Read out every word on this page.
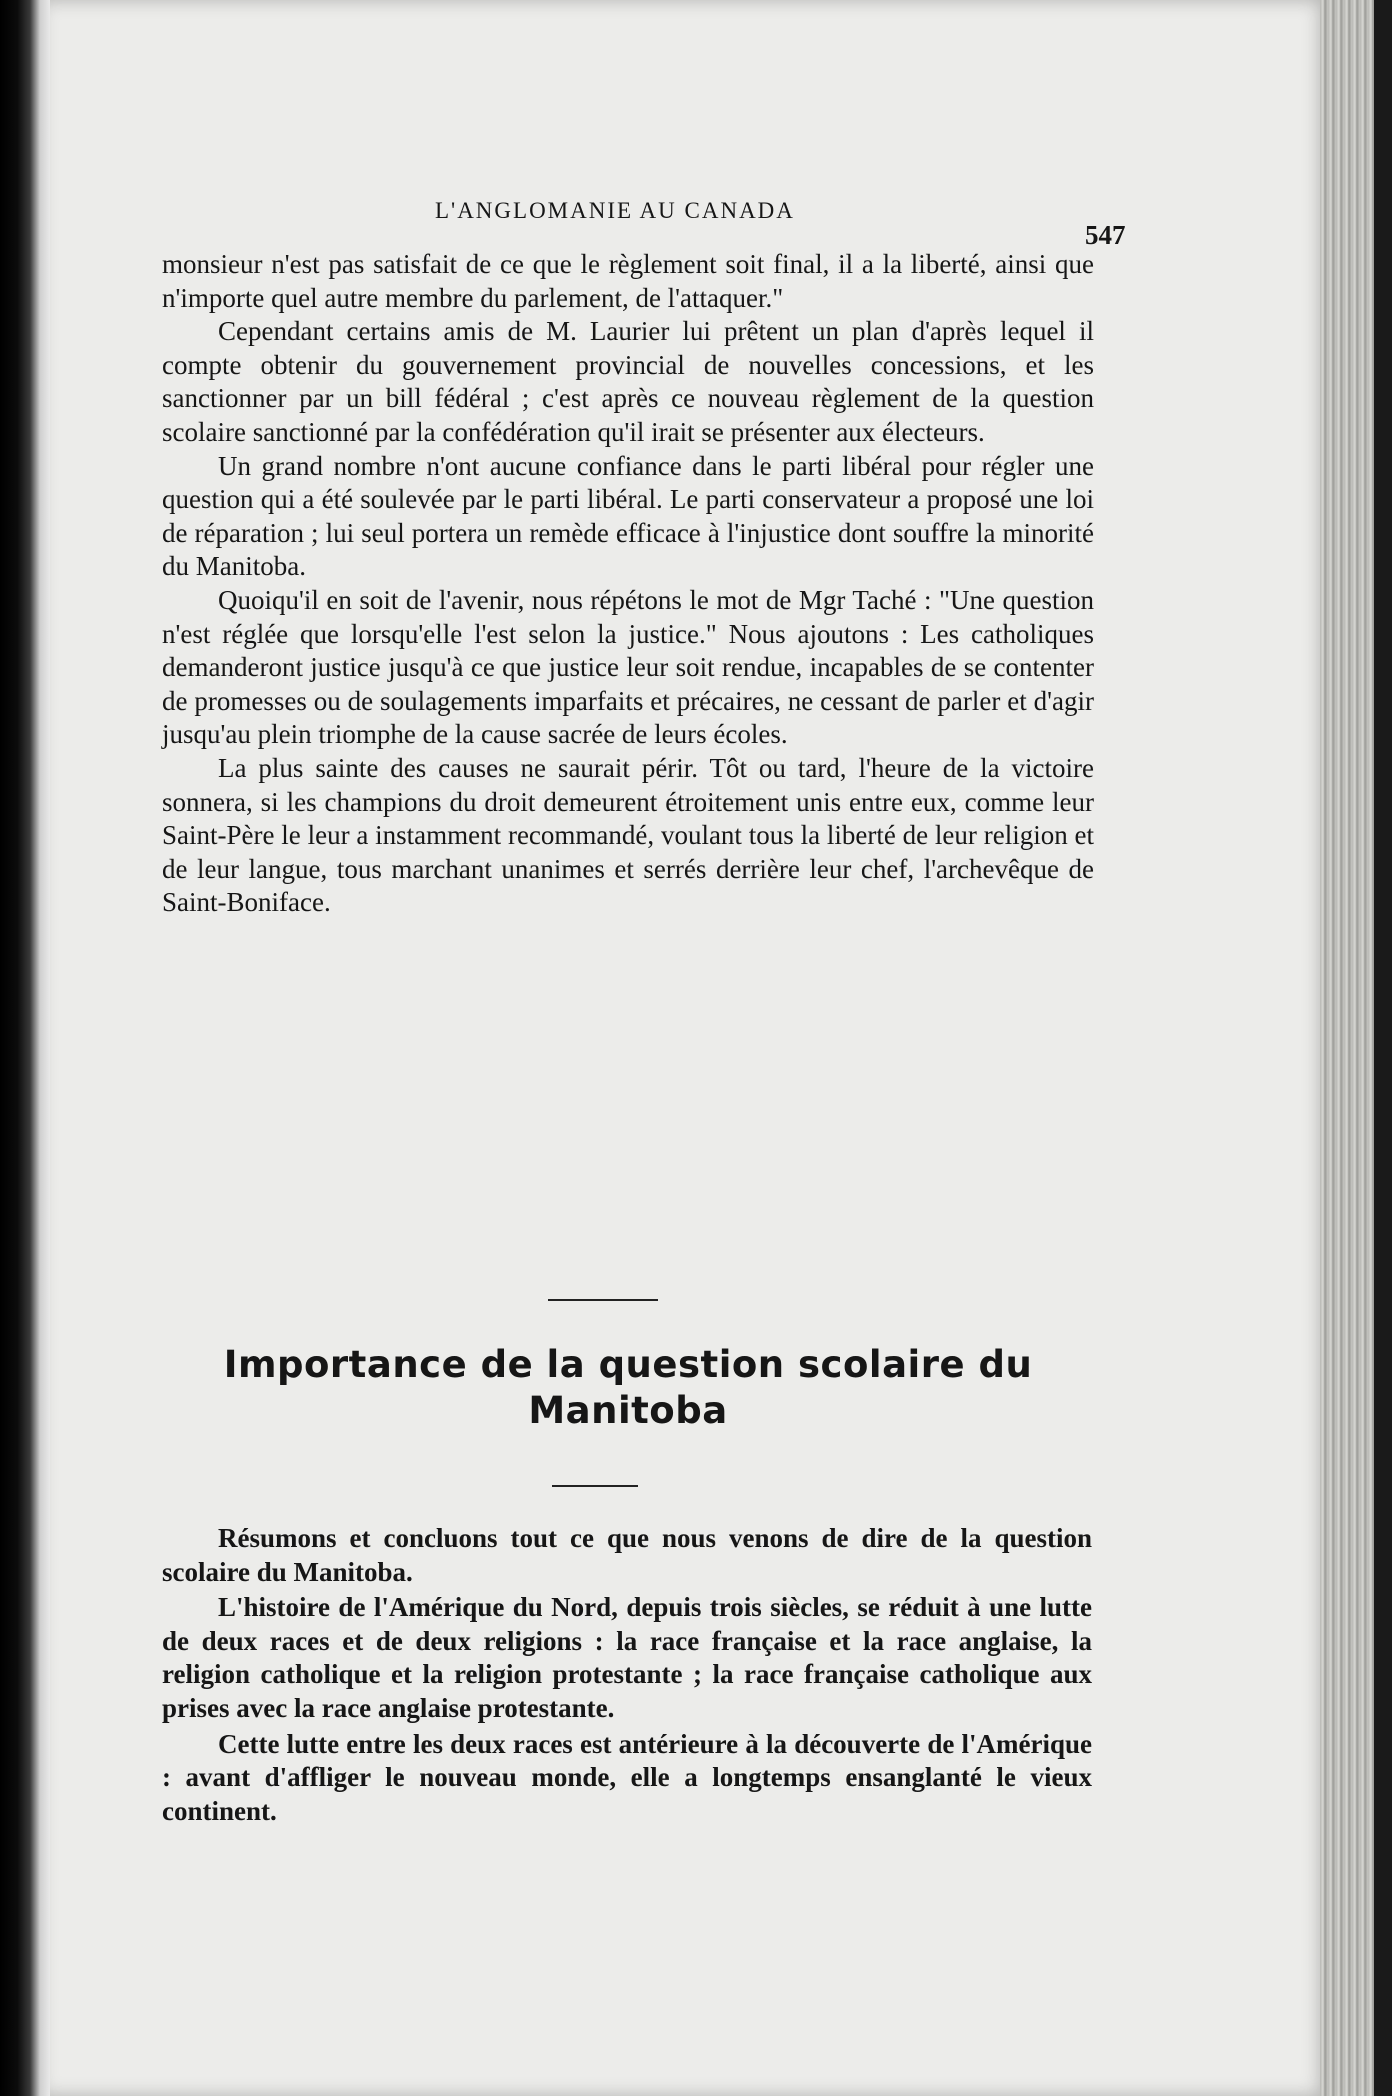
L'ANGLOMANIE AU CANADA
547

monsieur n'est pas satisfait de ce que le règlement soit final, il a la liberté, ainsi que n'importe quel autre membre du parlement, de l'attaquer."

Cependant certains amis de M. Laurier lui prêtent un plan d'après lequel il compte obtenir du gouvernement provincial de nouvelles concessions, et les sanctionner par un bill fédéral ; c'est après ce nouveau règlement de la question scolaire sanctionné par la confédération qu'il irait se présenter aux électeurs.

Un grand nombre n'ont aucune confiance dans le parti libéral pour régler une question qui a été soulevée par le parti libéral. Le parti conservateur a proposé une loi de réparation ; lui seul portera un remède efficace à l'injustice dont souffre la minorité du Manitoba.

Quoiqu'il en soit de l'avenir, nous répétons le mot de Mgr Taché : "Une question n'est réglée que lorsqu'elle l'est selon la justice." Nous ajoutons : Les catholiques demanderont justice jusqu'à ce que justice leur soit rendue, incapables de se contenter de promesses ou de soulagements imparfaits et précaires, ne cessant de parler et d'agir jusqu'au plein triomphe de la cause sacrée de leurs écoles.

La plus sainte des causes ne saurait périr. Tôt ou tard, l'heure de la victoire sonnera, si les champions du droit demeurent étroitement unis entre eux, comme leur Saint-Père le leur a instamment recommandé, voulant tous la liberté de leur religion et de leur langue, tous marchant unanimes et serrés derrière leur chef, l'archevêque de Saint-Boniface.

Importance de la question scolaire du Manitoba

Résumons et concluons tout ce que nous venons de dire de la question scolaire du Manitoba.

L'histoire de l'Amérique du Nord, depuis trois siècles, se réduit à une lutte de deux races et de deux religions : la race française et la race anglaise, la religion catholique et la religion protestante ; la race française catholique aux prises avec la race anglaise protestante.

Cette lutte entre les deux races est antérieure à la découverte de l'Amérique : avant d'affliger le nouveau monde, elle a longtemps ensanglanté le vieux continent.
